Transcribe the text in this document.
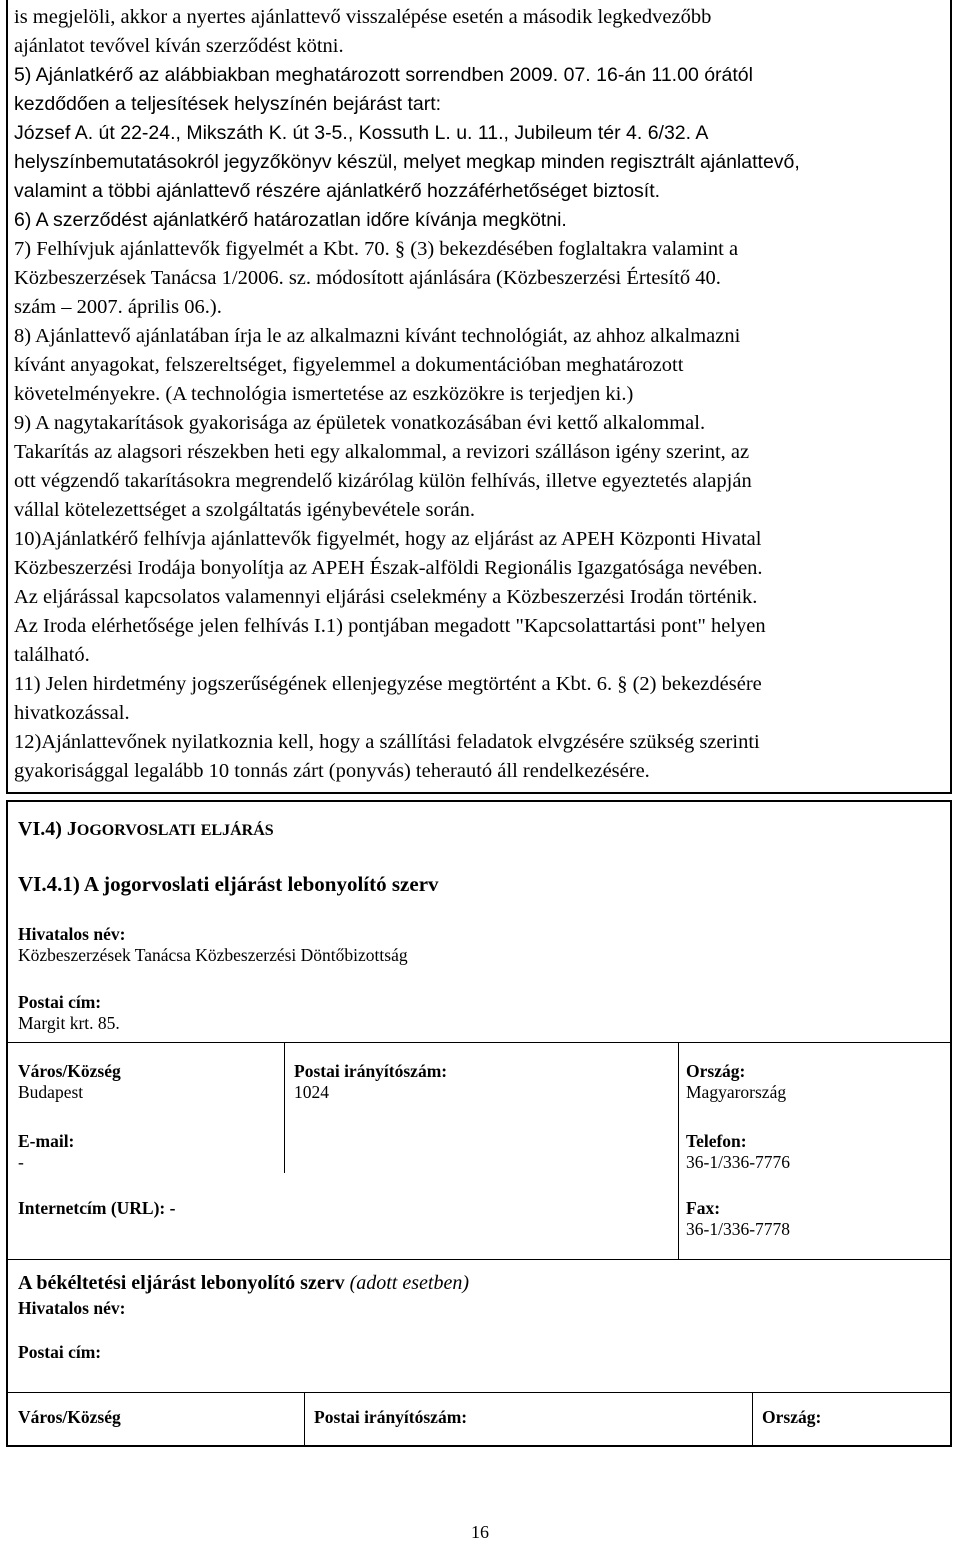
is megjelöli, akkor a nyertes ajánlattevő visszalépése esetén a második legkedvezőbb

ajánlatot tevővel kíván szerződést kötni.

5) Ajánlatkérő az alábbiakban meghatározott sorrendben 2009. 07. 16-án 11.00 órától

kezdődően a teljesítések helyszínén bejárást tart:

József A. út 22-24., Mikszáth K. út 3-5., Kossuth L. u. 11., Jubileum tér 4. 6/32. A

helyszínbemutatásokról jegyzőkönyv készül, melyet megkap minden regisztrált ajánlattevő,

valamint a többi ajánlattevő részére ajánlatkérő hozzáférhetőséget biztosít.

6) A szerződést ajánlatkérő határozatlan időre kívánja megkötni.

7) Felhívjuk ajánlattevők figyelmét a Kbt. 70. § (3) bekezdésében foglaltakra valamint a

Közbeszerzések Tanácsa 1/2006. sz. módosított ajánlására (Közbeszerzési Értesítő 40.

szám – 2007. április 06.).

8) Ajánlattevő ajánlatában írja le az alkalmazni kívánt technológiát, az ahhoz alkalmazni

kívánt anyagokat, felszereltséget, figyelemmel a dokumentációban meghatározott

követelményekre. (A technológia ismertetése az eszközökre is terjedjen ki.)

9) A nagytakarítások gyakorisága az épületek vonatkozásában évi kettő alkalommal.

Takarítás az alagsori részekben heti egy alkalommal, a revizori szálláson igény szerint, az

ott végzendő takarításokra megrendelő kizárólag külön felhívás, illetve egyeztetés alapján

vállal kötelezettséget a szolgáltatás igénybevétele során.

10)Ajánlatkérő felhívja ajánlattevők figyelmét, hogy az eljárást az APEH Központi Hivatal

Közbeszerzési Irodája bonyolítja az APEH Észak-alföldi Regionális Igazgatósága nevében.

Az eljárással kapcsolatos valamennyi eljárási cselekmény a Közbeszerzési Irodán történik.

Az Iroda elérhetősége jelen felhívás I.1) pontjában megadott "Kapcsolattartási pont" helyen

található.

11) Jelen hirdetmény jogszerűségének ellenjegyzése megtörtént a Kbt. 6. § (2) bekezdésére

hivatkozással.

12)Ajánlattevőnek nyilatkoznia kell, hogy a szállítási feladatok elvgzésére szükség szerinti

gyakorisággal legalább 10 tonnás zárt (ponyvás) teherautó áll rendelkezésére.

VI.4) JOGORVOSLATI ELJÁRÁS
VI.4.1) A jogorvoslati eljárást lebonyolító szerv
Hivatalos név:
Közbeszerzések Tanácsa Közbeszerzési Döntőbizottság
Postai cím:
Margit krt. 85.
Város/Község
Budapest
Postai irányítószám:
1024
Ország:
Magyarország
E-mail:
-
Telefon:
36-1/336-7776
Internetcím (URL): -	Fax:
36-1/336-7778
A békéltetési eljárást lebonyolító szerv (adott esetben)
Hivatalos név:
Postai cím:
Város/Község	Postai irányítószám:	Ország:
16
